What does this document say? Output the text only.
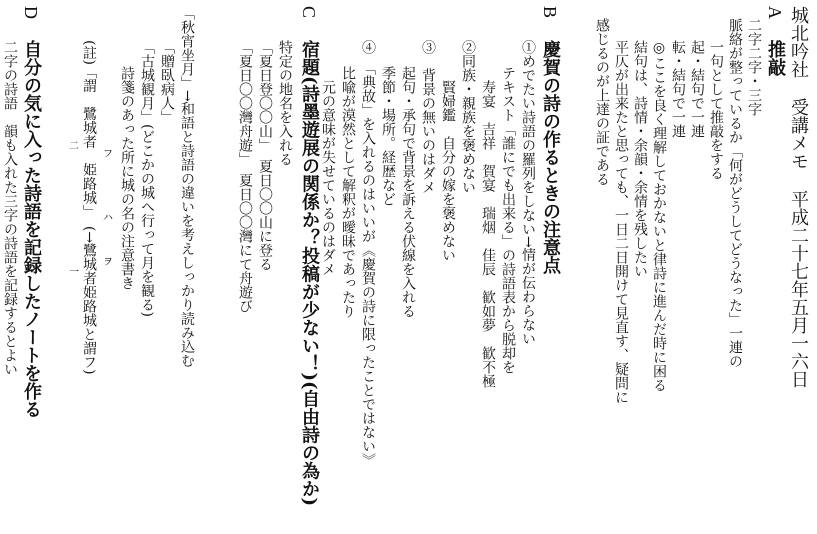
城北吟社
受講メモ
平成二十七年五月一六日
A
推敲
二字二字・三字
脈絡が整っているか「何がどうしてどうなった」一連の
一句として推敲をする
起・結句で一連
転・結句で一連
◎ここを良く理解しておかないと律詩に進んだ時に困る
結句は、詩情・余韻・余情を残したい
平仄が出来たと思っても、一日二日開けて見直す、疑問に
感じるのが上達の証である
B
慶賀の詩の作るときの注意点
①めでたい詩語の羅列をしない→情が伝わらない
テキスト「誰にでも出来る」の詩語表から脱却を
寿宴　吉祥　賀宴　瑞烟　佳辰　歓如夢　歓不極
②同族・親族を褒めない
賢婦鑑　自分の嫁を褒めない
③　背景の無いのはダメ
起句・承句で背景を訴える伏線を入れる
季節・場所。経歴など
④　「典故」を入れるのはいいが《慶賀の詩に限ったことではない》
比喩が漠然として解釈が曖昧であったり
元の意味が失せているのはダメ
C
宿題(詩墨遊展の関係か？投稿が少ない！)(自由詩の為か)
特定の地名を入れる
「夏日登〇〇山」　夏日〇〇山に登る
「夏日〇〇灣舟遊」　夏日〇〇灣にて舟遊び
「秋宵坐月」→和語と詩語の違いを考えしっかり読み込む
「贈臥病人」
「古城観月」(どこかの城へ行って月を観る)
詩箋のあった所に城の名の注意書き
(註)「謂　鷺城者　姫路城」　(→鷺城者姫路城と謂フ) フ
ハ
ヲ
二
一
D
自分の気に入った詩語を記録したノートを作る
二字の詩語　韻も入れた三字の詩語を記録するとよい
